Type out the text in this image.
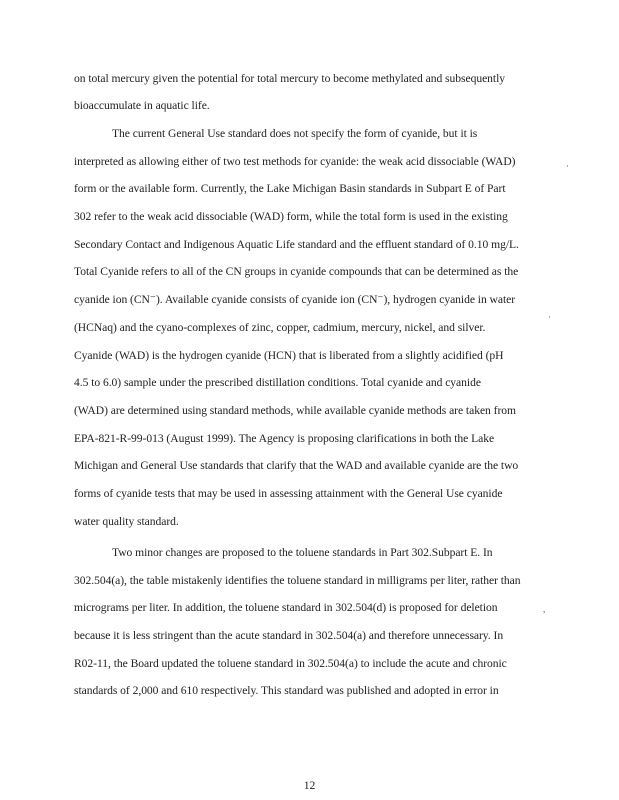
on total mercury given the potential for total mercury to become methylated and subsequently
bioaccumulate in aquatic life.
The current General Use standard does not specify the form of cyanide, but it is
interpreted as allowing either of two test methods for cyanide: the weak acid dissociable (WAD)
form or the available form. Currently, the Lake Michigan Basin standards in Subpart E of Part
302 refer to the weak acid dissociable (WAD) form, while the total form is used in the existing
Secondary Contact and Indigenous Aquatic Life standard and the effluent standard of 0.10 mg/L.
Total Cyanide refers to all of the CN groups in cyanide compounds that can be determined as the
cyanide ion (CN⁻). Available cyanide consists of cyanide ion (CN⁻), hydrogen cyanide in water
(HCNaq) and the cyano-complexes of zinc, copper, cadmium, mercury, nickel, and silver.
Cyanide (WAD) is the hydrogen cyanide (HCN) that is liberated from a slightly acidified (pH
4.5 to 6.0) sample under the prescribed distillation conditions. Total cyanide and cyanide
(WAD) are determined using standard methods, while available cyanide methods are taken from
EPA-821-R-99-013 (August 1999). The Agency is proposing clarifications in both the Lake
Michigan and General Use standards that clarify that the WAD and available cyanide are the two
forms of cyanide tests that may be used in assessing attainment with the General Use cyanide
water quality standard.
Two minor changes are proposed to the toluene standards in Part 302.Subpart E. In
302.504(a), the table mistakenly identifies the toluene standard in milligrams per liter, rather than
micrograms per liter. In addition, the toluene standard in 302.504(d) is proposed for deletion
because it is less stringent than the acute standard in 302.504(a) and therefore unnecessary. In
R02-11, the Board updated the toluene standard in 302.504(a) to include the acute and chronic
standards of 2,000 and 610 respectively. This standard was published and adopted in error in
·
·
,
12
